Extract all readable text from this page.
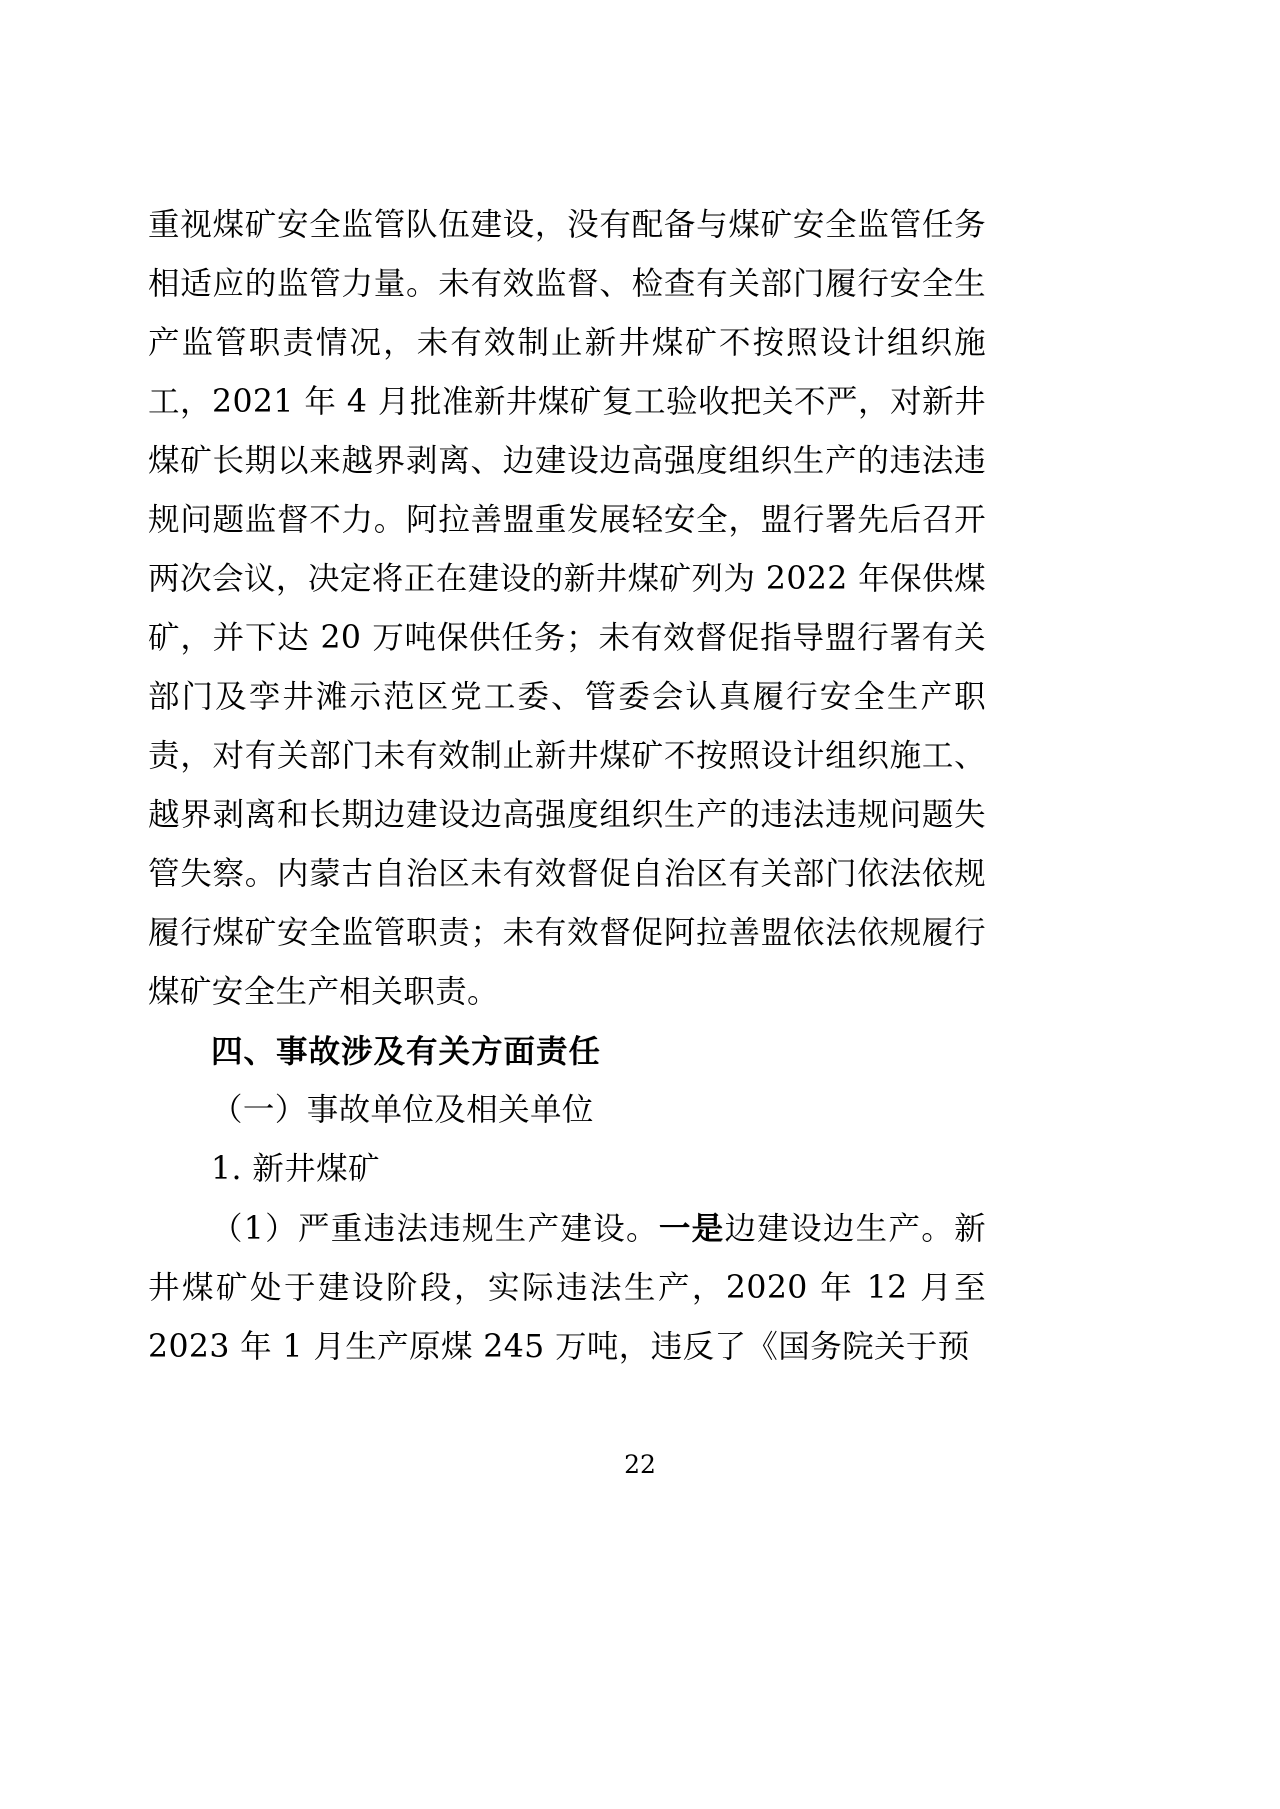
重视煤矿安全监管队伍建设，没有配备与煤矿安全监管任务相适应的监管力量。未有效监督、检查有关部门履行安全生产监管职责情况，未有效制止新井煤矿不按照设计组织施工，2021 年 4 月批准新井煤矿复工验收把关不严，对新井煤矿长期以来越界剥离、边建设边高强度组织生产的违法违规问题监督不力。阿拉善盟重发展轻安全，盟行署先后召开两次会议，决定将正在建设的新井煤矿列为 2022 年保供煤矿，并下达 20 万吨保供任务；未有效督促指导盟行署有关部门及孪井滩示范区党工委、管委会认真履行安全生产职责，对有关部门未有效制止新井煤矿不按照设计组织施工、越界剥离和长期边建设边高强度组织生产的违法违规问题失管失察。内蒙古自治区未有效督促自治区有关部门依法依规履行煤矿安全监管职责；未有效督促阿拉善盟依法依规履行煤矿安全生产相关职责。

四、事故涉及有关方面责任

（一）事故单位及相关单位

1. 新井煤矿

（1）严重违法违规生产建设。一是边建设边生产。新井煤矿处于建设阶段，实际违法生产，2020 年 12 月至 2023 年 1 月生产原煤 245 万吨，违反了《国务院关于预

22
